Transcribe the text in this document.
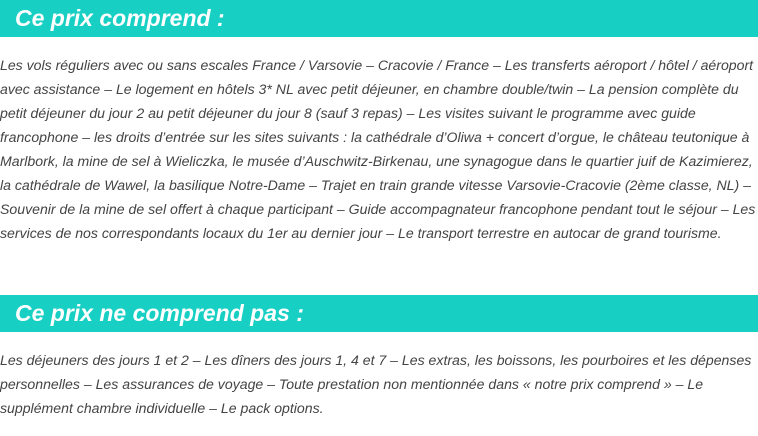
Ce prix comprend :

Les vols réguliers avec ou sans escales France / Varsovie – Cracovie / France – Les transferts aéroport / hôtel / aéroport avec assistance – Le logement en hôtels 3* NL avec petit déjeuner, en chambre double/twin – La pension complète du petit déjeuner du jour 2 au petit déjeuner du jour 8 (sauf 3 repas) – Les visites suivant le programme avec guide francophone – les droits d’entrée sur les sites suivants : la cathédrale d’Oliwa + concert d’orgue, le château teutonique à Marlbork, la mine de sel à Wieliczka, le musée d’Auschwitz-Birkenau, une synagogue dans le quartier juif de Kazimierez, la cathédrale de Wawel, la basilique Notre-Dame – Trajet en train grande vitesse Varsovie-Cracovie (2ème classe, NL) – Souvenir de la mine de sel offert à chaque participant – Guide accompagnateur francophone pendant tout le séjour – Les services de nos correspondants locaux du 1er au dernier jour – Le transport terrestre en autocar de grand tourisme.

Ce prix ne comprend pas :

Les déjeuners des jours 1 et 2 – Les dîners des jours 1, 4 et 7 – Les extras, les boissons, les pourboires et les dépenses personnelles – Les assurances de voyage – Toute prestation non mentionnée dans « notre prix comprend » – Le supplément chambre individuelle – Le pack options.
